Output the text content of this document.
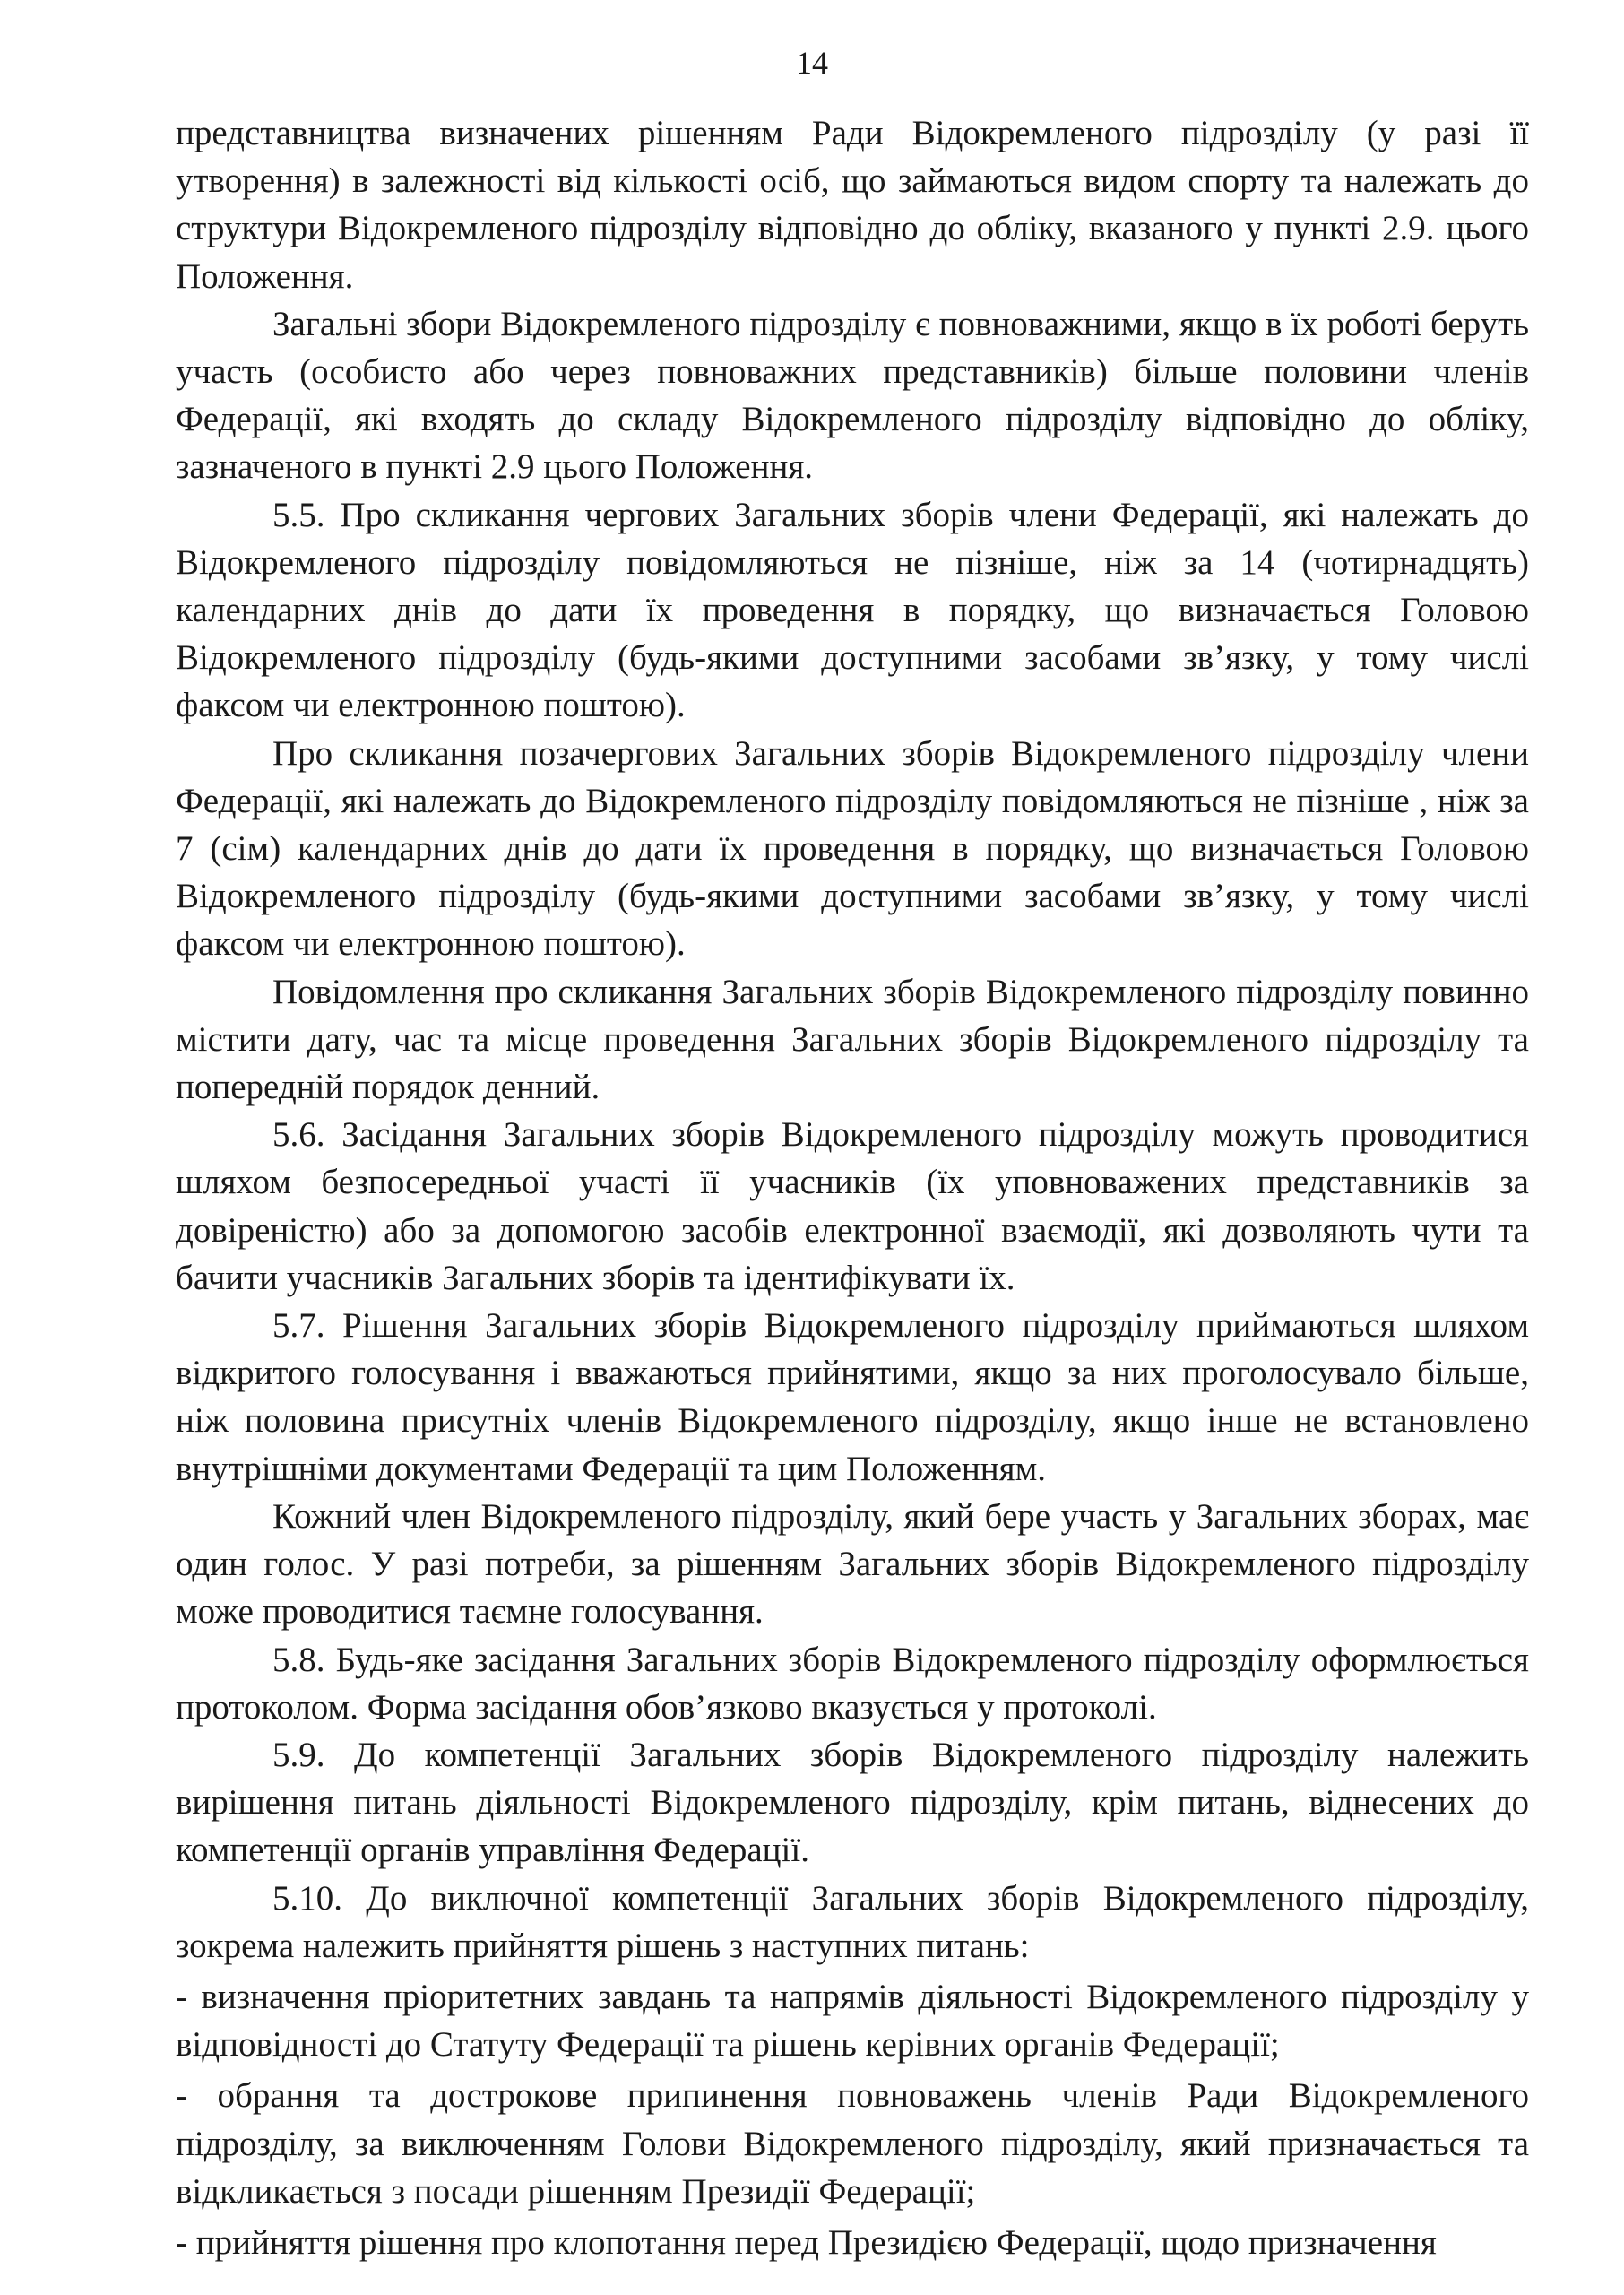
14

представництва визначених рішенням Ради Відокремленого підрозділу (у разі її утворення) в залежності від кількості осіб, що займаються видом спорту та належать до структури Відокремленого підрозділу відповідно до обліку, вказаного у пункті 2.9. цього Положення.

Загальні збори Відокремленого підрозділу є повноважними, якщо в їх роботі беруть участь (особисто або через повноважних представників) більше половини членів Федерації, які входять до складу Відокремленого підрозділу відповідно до обліку, зазначеного в пункті 2.9 цього Положення.

5.5. Про скликання чергових Загальних зборів члени Федерації, які належать до Відокремленого підрозділу повідомляються не пізніше, ніж за 14 (чотирнадцять) календарних днів до дати їх проведення в порядку, що визначається Головою Відокремленого підрозділу (будь-якими доступними засобами зв’язку, у тому числі факсом чи електронною поштою).

Про скликання позачергових Загальних зборів Відокремленого підрозділу члени Федерації, які належать до Відокремленого підрозділу повідомляються не пізніше , ніж за 7 (сім) календарних днів до дати їх проведення в порядку, що визначається Головою Відокремленого підрозділу (будь-якими доступними засобами зв’язку, у тому числі факсом чи електронною поштою).

Повідомлення про скликання Загальних зборів Відокремленого підрозділу повинно містити дату, час та місце проведення Загальних зборів Відокремленого підрозділу та попередній порядок денний.

5.6. Засідання Загальних зборів Відокремленого підрозділу можуть проводитися шляхом безпосередньої участі її учасників (їх уповноважених представників за довіреністю) або за допомогою засобів електронної взаємодії, які дозволяють чути та бачити учасників Загальних зборів та ідентифікувати їх.

5.7. Рішення Загальних зборів Відокремленого підрозділу приймаються шляхом відкритого голосування і вважаються прийнятими, якщо за них проголосувало більше, ніж половина присутніх членів Відокремленого підрозділу, якщо інше не встановлено внутрішніми документами Федерації та цим Положенням.

Кожний член Відокремленого підрозділу, який бере участь у Загальних зборах, має один голос. У разі потреби, за рішенням Загальних зборів Відокремленого підрозділу може проводитися таємне голосування.

5.8. Будь-яке засідання Загальних зборів Відокремленого підрозділу оформлюється протоколом. Форма засідання обов’язково вказується у протоколі.

5.9. До компетенції Загальних зборів Відокремленого підрозділу належить вирішення питань діяльності Відокремленого підрозділу, крім питань, віднесених до компетенції органів управління Федерації.

5.10. До виключної компетенції Загальних зборів Відокремленого підрозділу, зокрема належить прийняття рішень з наступних питань:

- визначення пріоритетних завдань та напрямів діяльності Відокремленого підрозділу у відповідності до Статуту Федерації та рішень керівних органів Федерації;

- обрання та дострокове припинення повноважень членів Ради Відокремленого підрозділу, за виключенням Голови Відокремленого підрозділу, який призначається та відкликається з посади рішенням Президії Федерації;

- прийняття рішення про клопотання перед Президією Федерації, щодо призначення
